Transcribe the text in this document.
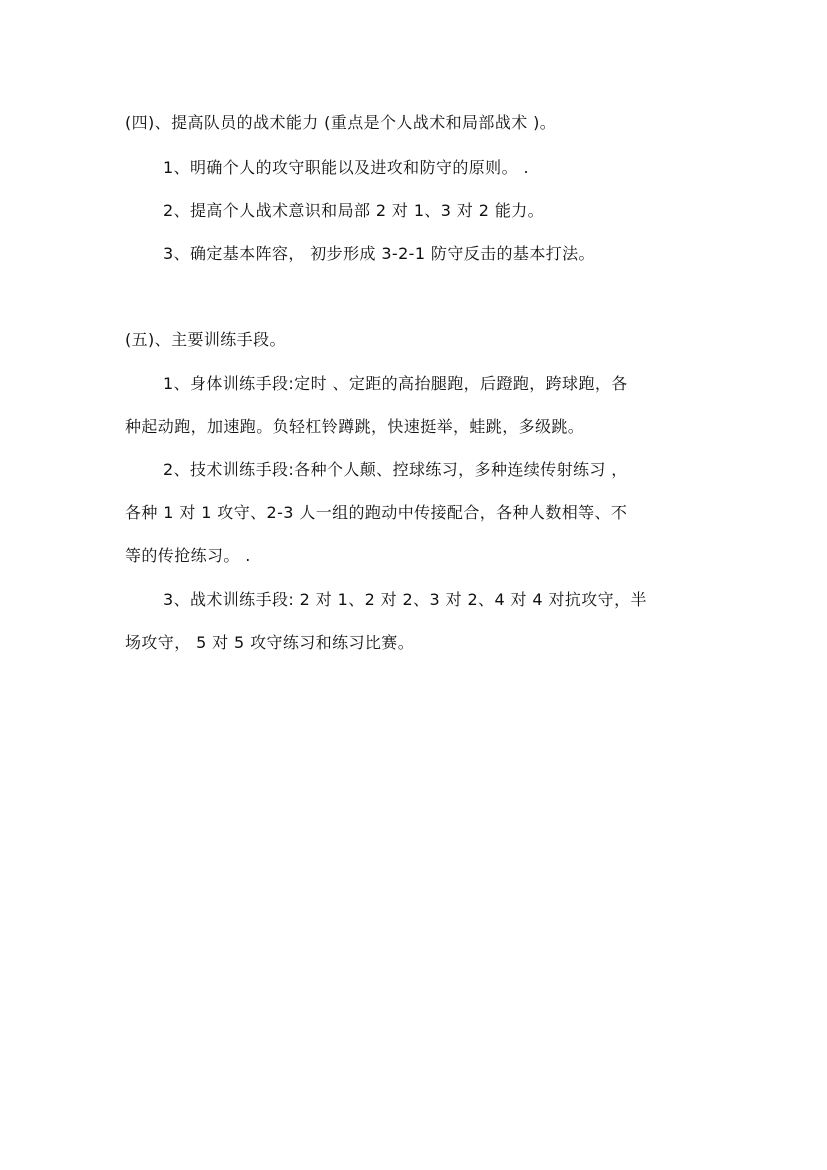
(四)、提高队员的战术能力 (重点是个人战术和局部战术 )。
1、明确个人的攻守职能以及进攻和防守的原则。 .
2、提高个人战术意识和局部 2 对 1、3 对 2 能力。
3、确定基本阵容， 初步形成 3-2-1 防守反击的基本打法。
(五)、主要训练手段。
1、身体训练手段:定时 、定距的高抬腿跑，后蹬跑，跨球跑，各
种起动跑，加速跑。负轻杠铃蹲跳，快速挺举，蛙跳，多级跳。
2、技术训练手段:各种个人颠、控球练习，多种连续传射练习 ，
各种 1 对 1 攻守、2-3 人一组的跑动中传接配合，各种人数相等、不
等的传抢练习。 .
3、战术训练手段: 2 对 1、2 对 2、3 对 2、4 对 4 对抗攻守，半
场攻守， 5 对 5 攻守练习和练习比赛。
